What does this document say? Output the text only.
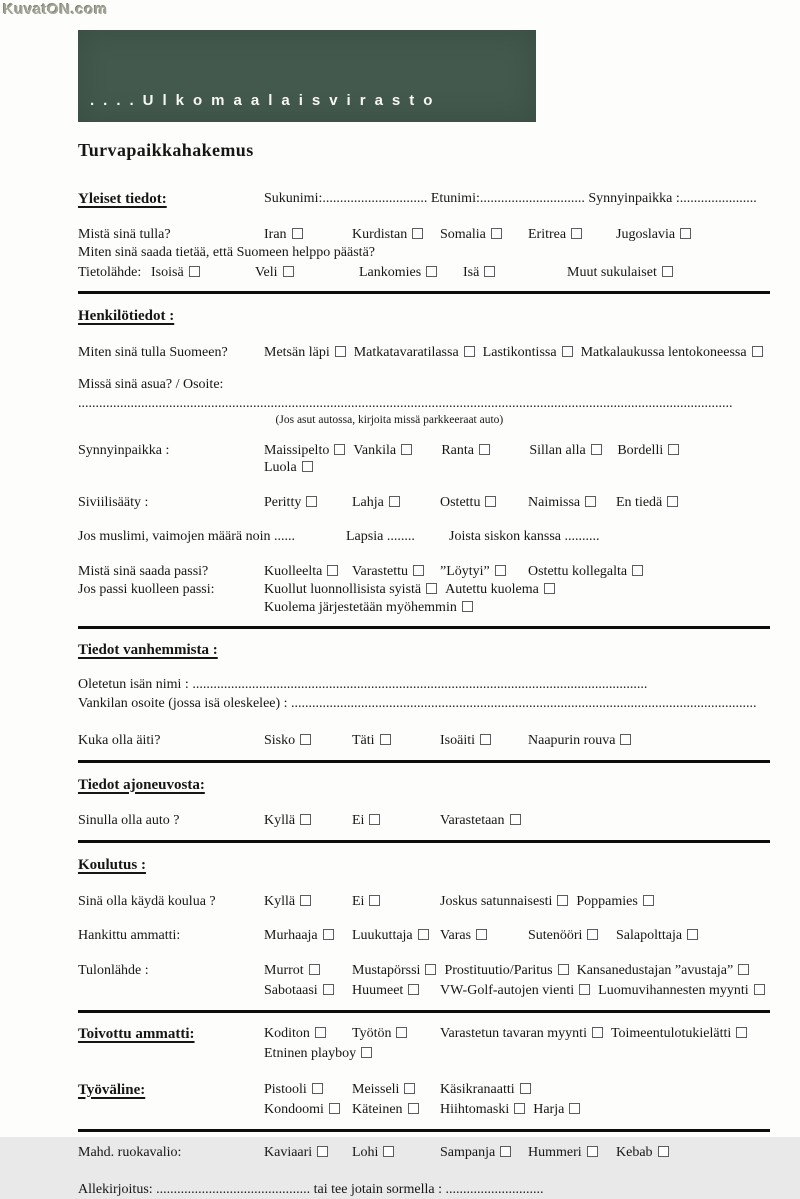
KuvatON.com
....Ulkomaalaisvirasto
Turvapaikkahakemus
Yleiset tiedot:	Sukunimi:.............................. Etunimi:.............................. Synnyinpaikka :......................
Mistä sinä tulla?	Iran	Kurdistan	Somalia	Eritrea	Jugoslavia
Miten sinä saada tietää, että Suomeen helppo päästä?
Tietolähde: Isoisä	Veli	Lankomies	Isä	Muut sukulaiset
Henkilötiedot :
Miten sinä tulla Suomeen?	Metsän läpi	Matkatavaratilassa	Lastikontissa	Matkalaukussa lentokoneessa
Missä sinä asua? / Osoite:
...........................................................................................................................................................................................
(Jos asut autossa, kirjoita missä parkkeeraat auto)
Synnyinpaikka :	Maissipelto	Vankila	Ranta	Sillan alla	Bordelli
Luola
Siviilisääty :	Peritty	Lahja	Ostettu	Naimissa	En tiedä
Jos muslimi, vaimojen määrä noin ......	Lapsia ........	Joista siskon kanssa ..........
Mistä sinä saada passi?	Kuolleelta	Varastettu	”Löytyi”	Ostettu kollegalta
Jos passi kuolleen passi:	Kuollut luonnollisista syistä	Autettu kuolema
Kuolema järjestetään myöhemmin
Tiedot vanhemmista :
Oletetun isän nimi : ..................................................................................................................................
Vankilan osoite (jossa isä oleskelee) : .....................................................................................................................................
Kuka olla äiti?	Sisko	Täti	Isoäiti	Naapurin rouva
Tiedot ajoneuvosta:
Sinulla olla auto ?	Kyllä	Ei	Varastetaan
Koulutus :
Sinä olla käydä koulua ?	Kyllä	Ei	Joskus satunnaisesti	Poppamies
Hankittu ammatti:	Murhaaja	Luukuttaja	Varas	Sutenööri	Salapolttaja
Tulonlähde :	Murrot	Mustapörssi	Prostituutio/Paritus	Kansanedustajan ”avustaja”
Sabotaasi	Huumeet	VW-Golf-autojen vienti	Luomuvihannesten myynti
Toivottu ammatti:	Koditon	Työtön	Varastetun tavaran myynti	Toimeentulotukielätti
Etninen playboy
Työväline:	Pistooli	Meisseli	Käsikranaatti
Kondoomi	Käteinen	Hiihtomaski	Harja
Mahd. ruokavalio:	Kaviaari	Lohi	Sampanja	Hummeri	Kebab
Allekirjoitus: ............................................ tai tee jotain sormella : ............................
